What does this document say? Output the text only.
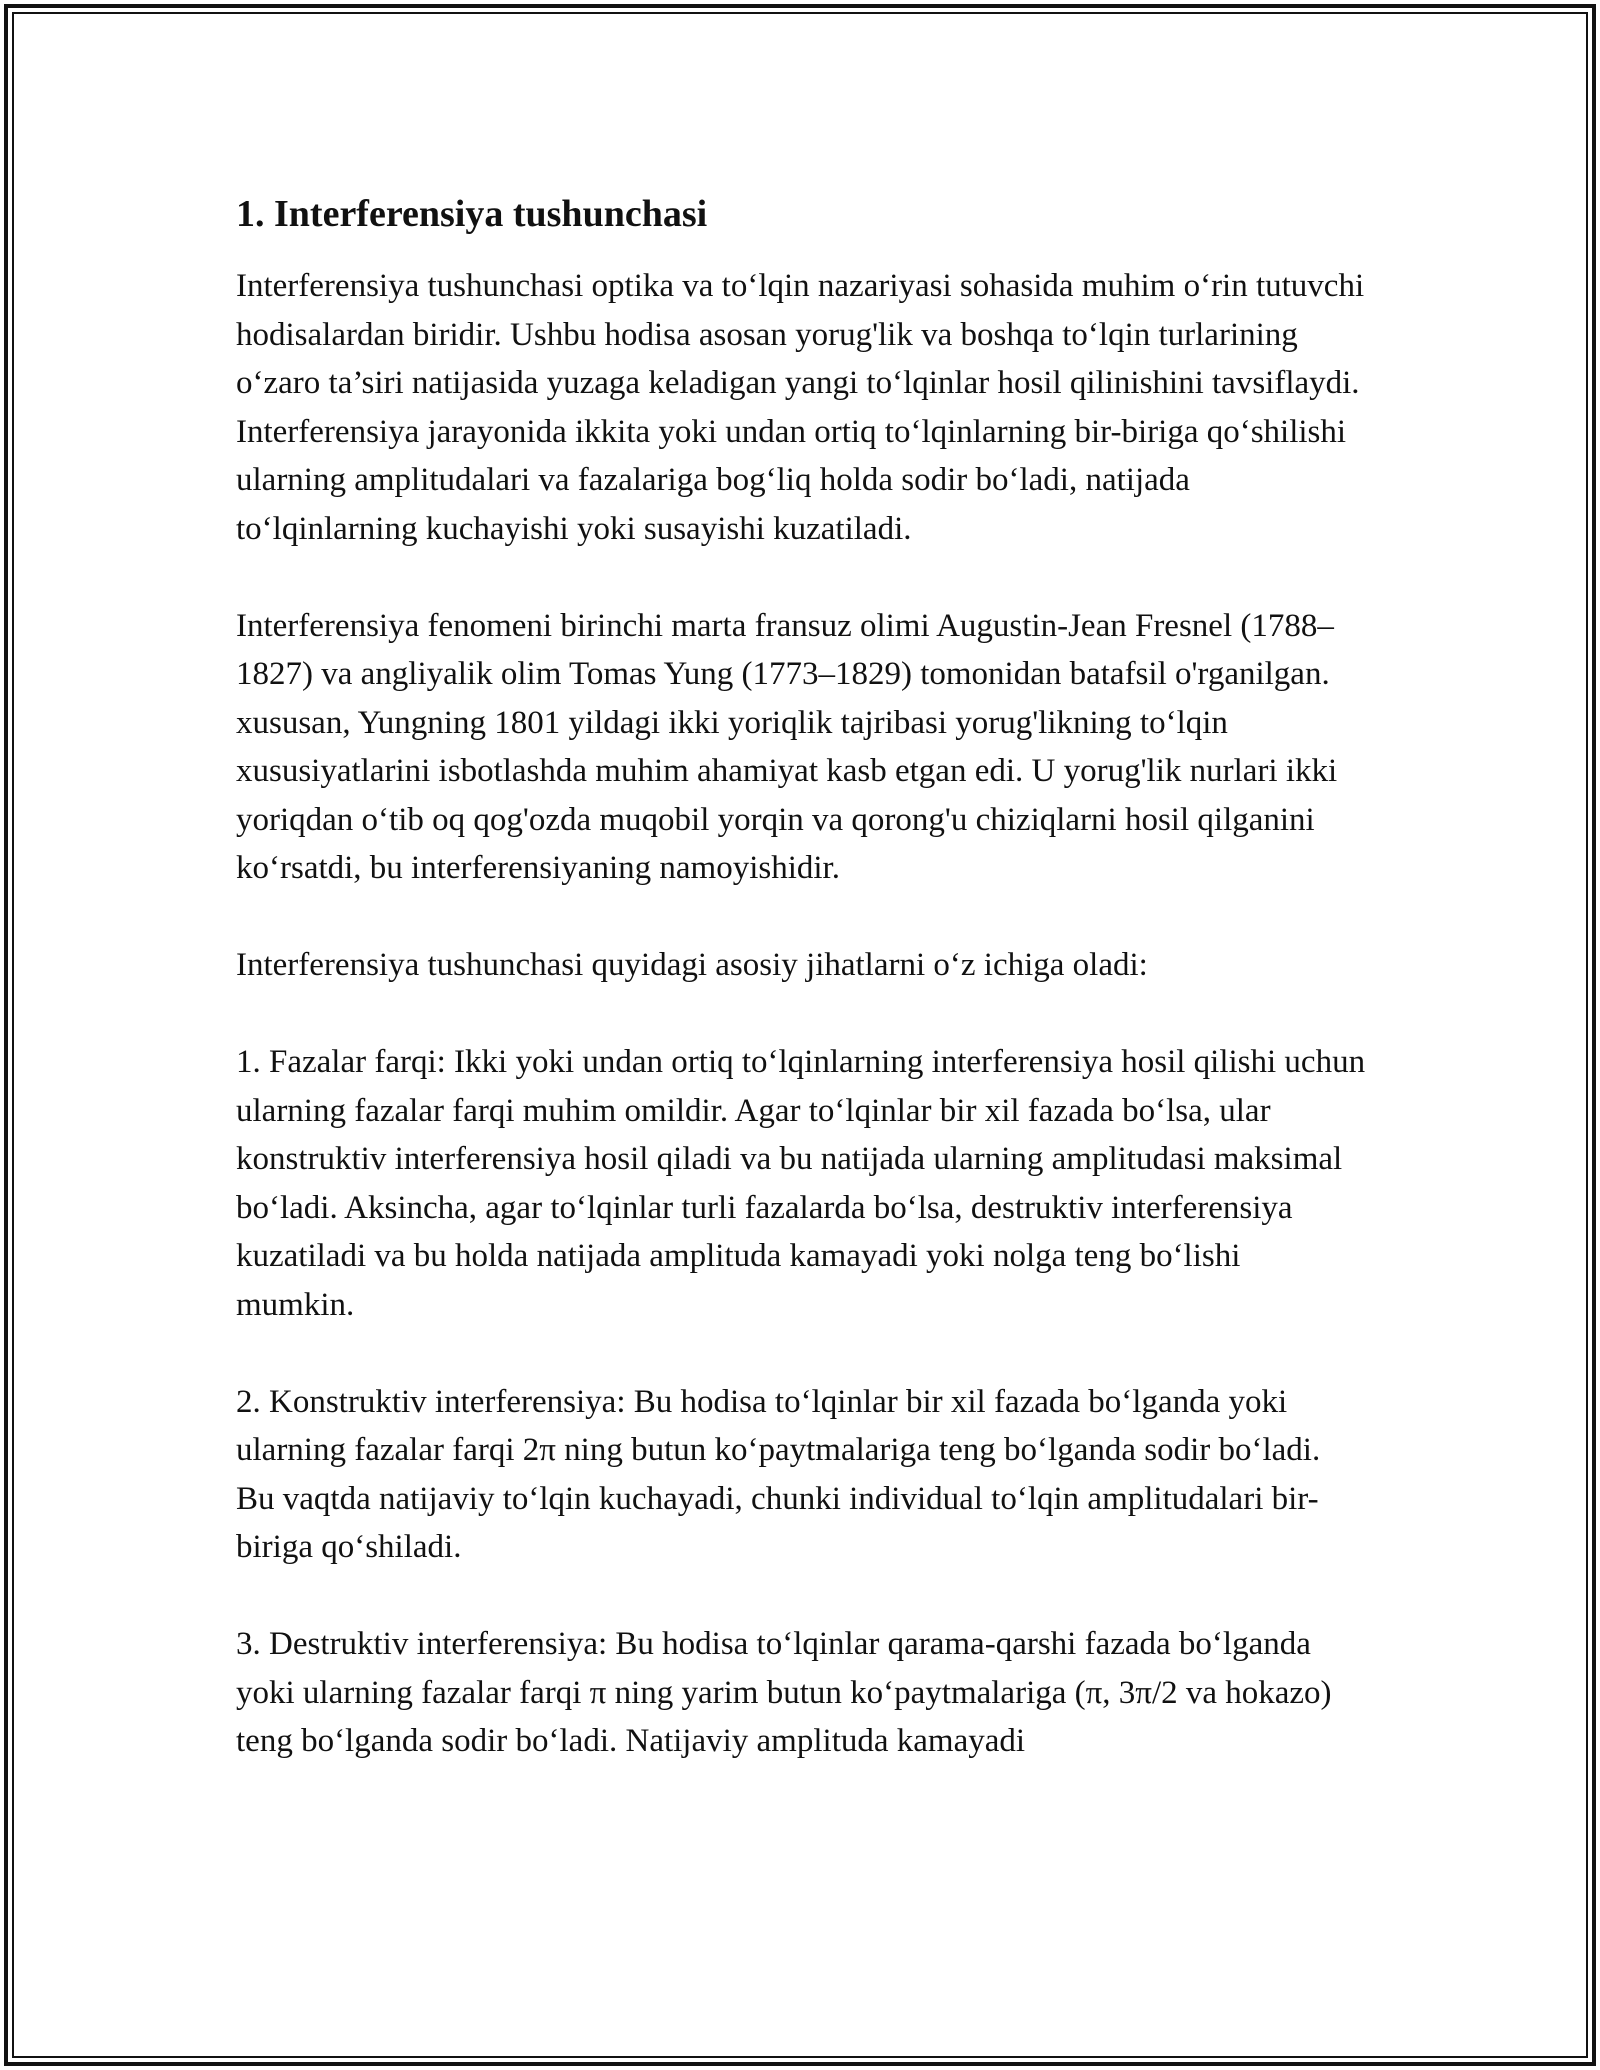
1. Interferensiya tushunchasi

Interferensiya tushunchasi optika va to‘lqin nazariyasi sohasida muhim o‘rin tutuvchi hodisalardan biridir. Ushbu hodisa asosan yorug'lik va boshqa to‘lqin turlarining o‘zaro ta’siri natijasida yuzaga keladigan yangi to‘lqinlar hosil qilinishini tavsiflaydi. Interferensiya jarayonida ikkita yoki undan ortiq to‘lqinlarning bir-biriga qo‘shilishi ularning amplitudalari va fazalariga bog‘liq holda sodir bo‘ladi, natijada to‘lqinlarning kuchayishi yoki susayishi kuzatiladi.

Interferensiya fenomeni birinchi marta fransuz olimi Augustin-Jean Fresnel (1788–1827) va angliyalik olim Tomas Yung (1773–1829) tomonidan batafsil o'rganilgan. xususan, Yungning 1801 yildagi ikki yoriqlik tajribasi yorug'likning to‘lqin xususiyatlarini isbotlashda muhim ahamiyat kasb etgan edi. U yorug'lik nurlari ikki yoriqdan o‘tib oq qog'ozda muqobil yorqin va qorong'u chiziqlarni hosil qilganini ko‘rsatdi, bu interferensiyaning namoyishidir.

Interferensiya tushunchasi quyidagi asosiy jihatlarni o‘z ichiga oladi:

1. Fazalar farqi: Ikki yoki undan ortiq to‘lqinlarning interferensiya hosil qilishi uchun ularning fazalar farqi muhim omildir. Agar to‘lqinlar bir xil fazada bo‘lsa, ular konstruktiv interferensiya hosil qiladi va bu natijada ularning amplitudasi maksimal bo‘ladi. Aksincha, agar to‘lqinlar turli fazalarda bo‘lsa, destruktiv interferensiya kuzatiladi va bu holda natijada amplituda kamayadi yoki nolga teng bo‘lishi mumkin.

2. Konstruktiv interferensiya: Bu hodisa to‘lqinlar bir xil fazada bo‘lganda yoki ularning fazalar farqi 2π ning butun ko‘paytmalariga teng bo‘lganda sodir bo‘ladi. Bu vaqtda natijaviy to‘lqin kuchayadi, chunki individual to‘lqin amplitudalari bir-biriga qo‘shiladi.

3. Destruktiv interferensiya: Bu hodisa to‘lqinlar qarama-qarshi fazada bo‘lganda yoki ularning fazalar farqi π ning yarim butun ko‘paytmalariga (π, 3π/2 va hokazo) teng bo‘lganda sodir bo‘ladi. Natijaviy amplituda kamayadi
